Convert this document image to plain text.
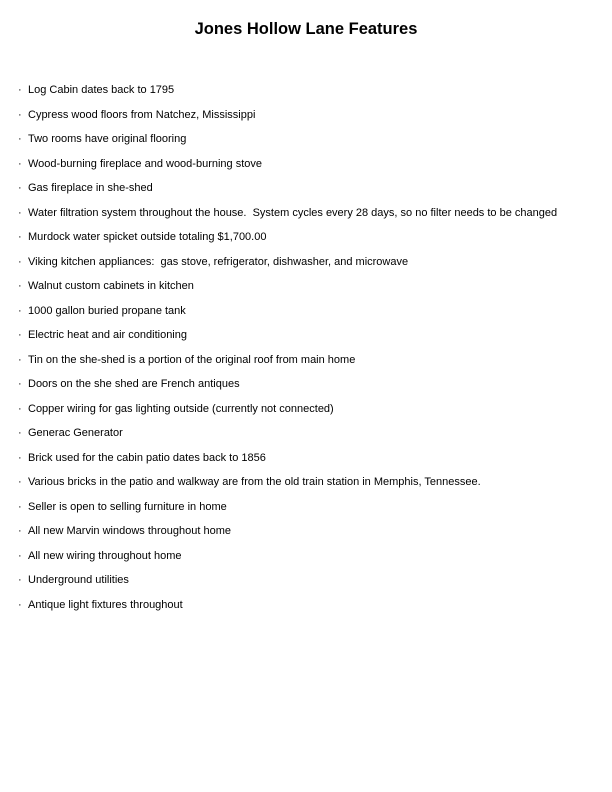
Jones Hollow Lane Features
· Log Cabin dates back to 1795
· Cypress wood floors from Natchez, Mississippi
· Two rooms have original flooring
· Wood-burning fireplace and wood-burning stove
· Gas fireplace in she-shed
· Water filtration system throughout the house.  System cycles every 28 days, so no filter needs to be changed
· Murdock water spicket outside totaling $1,700.00
· Viking kitchen appliances:  gas stove, refrigerator, dishwasher, and microwave
· Walnut custom cabinets in kitchen
· 1000 gallon buried propane tank
· Electric heat and air conditioning
· Tin on the she-shed is a portion of the original roof from main home
· Doors on the she shed are French antiques
· Copper wiring for gas lighting outside (currently not connected)
· Generac Generator
· Brick used for the cabin patio dates back to 1856
· Various bricks in the patio and walkway are from the old train station in Memphis, Tennessee.
· Seller is open to selling furniture in home
· All new Marvin windows throughout home
· All new wiring throughout home
· Underground utilities
· Antique light fixtures throughout
